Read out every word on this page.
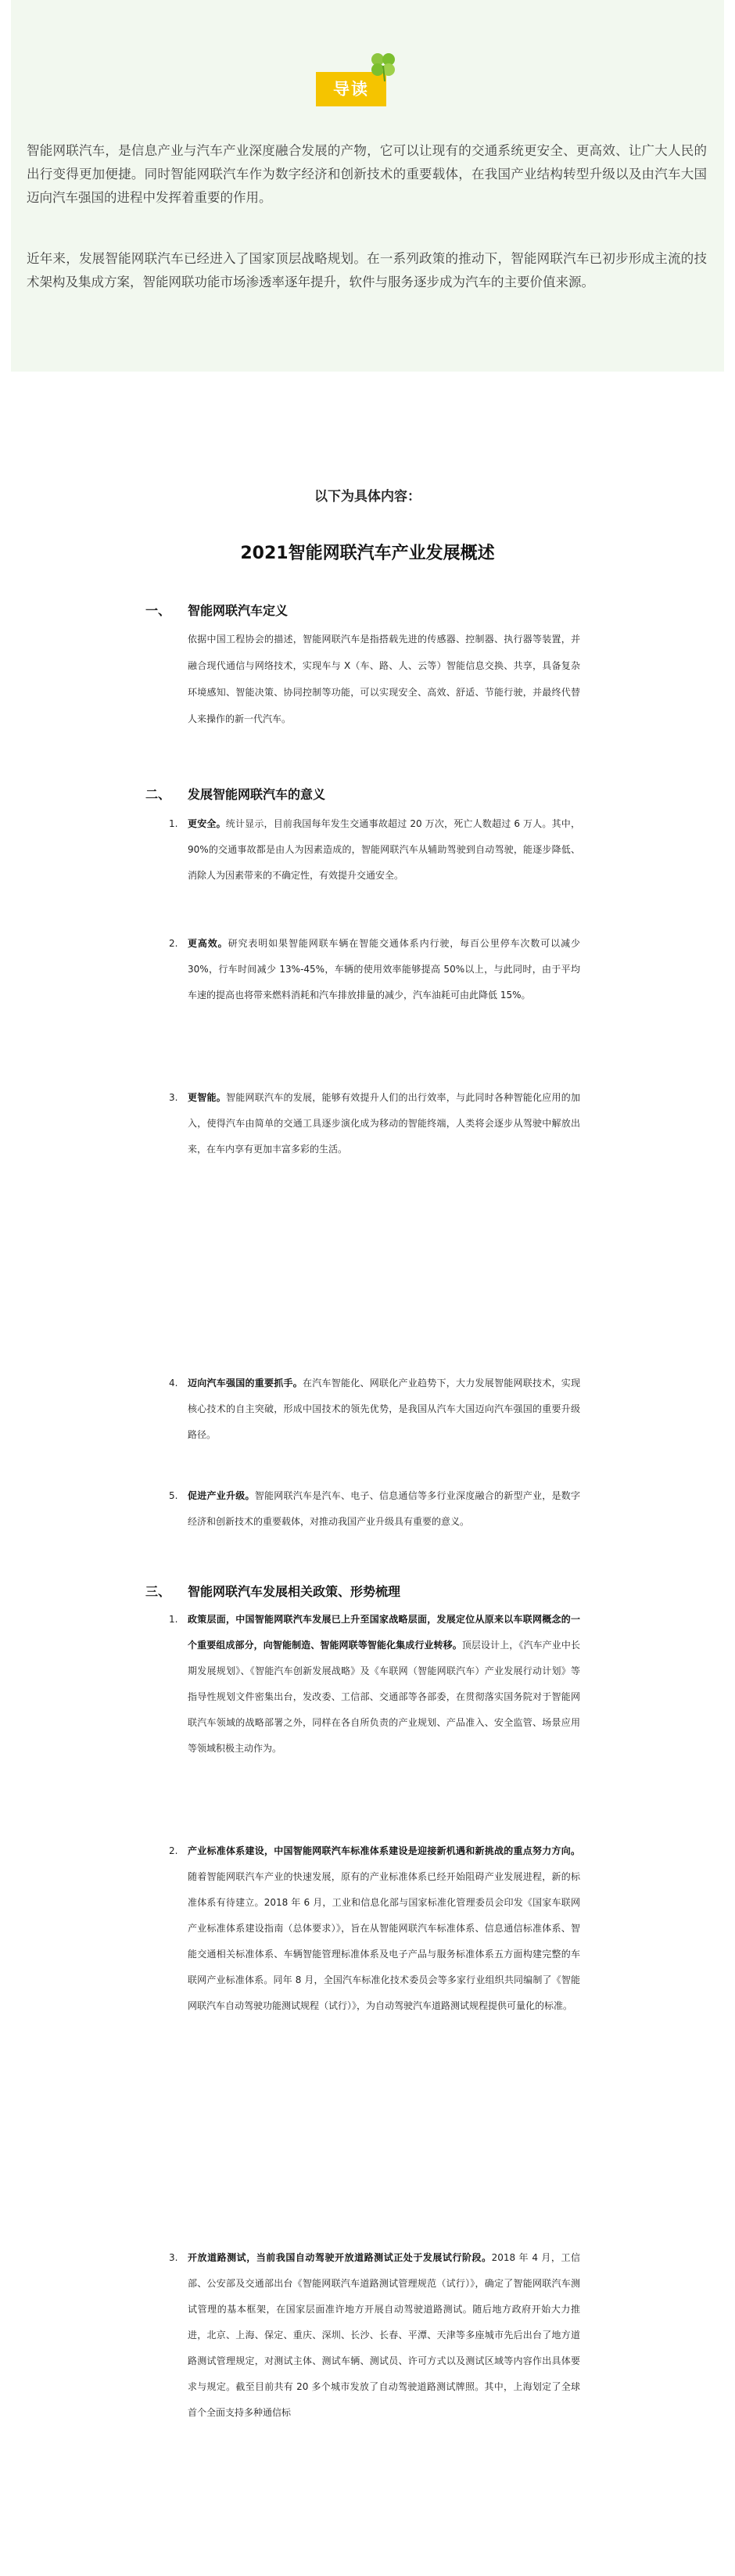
导读

智能网联汽车，是信息产业与汽车产业深度融合发展的产物，它可以让现有的交通系统更安全、更高效、让广大人民的出行变得更加便捷。同时智能网联汽车作为数字经济和创新技术的重要载体，在我国产业结构转型升级以及由汽车大国迈向汽车强国的进程中发挥着重要的作用。

近年来，发展智能网联汽车已经进入了国家顶层战略规划。在一系列政策的推动下，智能网联汽车已初步形成主流的技术架构及集成方案，智能网联功能市场渗透率逐年提升，软件与服务逐步成为汽车的主要价值来源。

以下为具体内容：
2021智能网联汽车产业发展概述
一、 智能网联汽车定义

依据中国工程协会的描述，智能网联汽车是指搭载先进的传感器、控制器、执行器等装置，并融合现代通信与网络技术，实现车与 X（车、路、人、云等）智能信息交换、共享，具备复杂环境感知、智能决策、协同控制等功能，可以实现安全、高效、舒适、节能行驶，并最终代替人来操作的新一代汽车。

二、 发展智能网联汽车的意义
1.	更安全。统计显示，目前我国每年发生交通事故超过 20 万次，死亡人数超过 6 万人。其中，90%的交通事故都是由人为因素造成的，智能网联汽车从辅助驾驶到自动驾驶，能逐步降低、消除人为因素带来的不确定性，有效提升交通安全。
2.	更高效。研究表明如果智能网联车辆在智能交通体系内行驶，每百公里停车次数可以减少 30%，行车时间减少 13%-45%，车辆的使用效率能够提高 50%以上，与此同时，由于平均车速的提高也将带来燃料消耗和汽车排放排量的减少，汽车油耗可由此降低 15%。
3.	更智能。智能网联汽车的发展，能够有效提升人们的出行效率，与此同时各种智能化应用的加入，使得汽车由简单的交通工具逐步演化成为移动的智能终端，人类将会逐步从驾驶中解放出来，在车内享有更加丰富多彩的生活。
4.	迈向汽车强国的重要抓手。在汽车智能化、网联化产业趋势下，大力发展智能网联技术，实现核心技术的自主突破，形成中国技术的领先优势，是我国从汽车大国迈向汽车强国的重要升级路径。
5.	促进产业升级。智能网联汽车是汽车、电子、信息通信等多行业深度融合的新型产业，是数字经济和创新技术的重要载体，对推动我国产业升级具有重要的意义。
三、 智能网联汽车发展相关政策、形势梳理
1.	政策层面，中国智能网联汽车发展已上升至国家战略层面，发展定位从原来以车联网概念的一个重要组成部分，向智能制造、智能网联等智能化集成行业转移。顶层设计上，《汽车产业中长期发展规划》、《智能汽车创新发展战略》及《车联网（智能网联汽车）产业发展行动计划》等指导性规划文件密集出台，发改委、工信部、交通部等各部委，在贯彻落实国务院对于智能网联汽车领域的战略部署之外，同样在各自所负责的产业规划、产品准入、安全监管、场景应用等领域积极主动作为。
2.	产业标准体系建设，中国智能网联汽车标准体系建设是迎接新机遇和新挑战的重点努力方向。随着智能网联汽车产业的快速发展，原有的产业标准体系已经开始阻碍产业发展进程，新的标准体系有待建立。2018 年 6 月，工业和信息化部与国家标准化管理委员会印发《国家车联网产业标准体系建设指南（总体要求）》，旨在从智能网联汽车标准体系、信息通信标准体系、智能交通相关标准体系、车辆智能管理标准体系及电子产品与服务标准体系五方面构建完整的车联网产业标准体系。同年 8 月，全国汽车标准化技术委员会等多家行业组织共同编制了《智能网联汽车自动驾驶功能测试规程（试行）》，为自动驾驶汽车道路测试规程提供可量化的标准。
3.	开放道路测试，当前我国自动驾驶开放道路测试正处于发展试行阶段。2018 年 4 月，工信部、公安部及交通部出台《智能网联汽车道路测试管理规范（试行）》，确定了智能网联汽车测试管理的基本框架，在国家层面准许地方开展自动驾驶道路测试。随后地方政府开始大力推进，北京、上海、保定、重庆、深圳、长沙、长春、平潭、天津等多座城市先后出台了地方道路测试管理规定，对测试主体、测试车辆、测试员、许可方式以及测试区域等内容作出具体要求与规定。截至目前共有 20 多个城市发放了自动驾驶道路测试牌照。其中，上海划定了全球首个全面支持多种通信标
